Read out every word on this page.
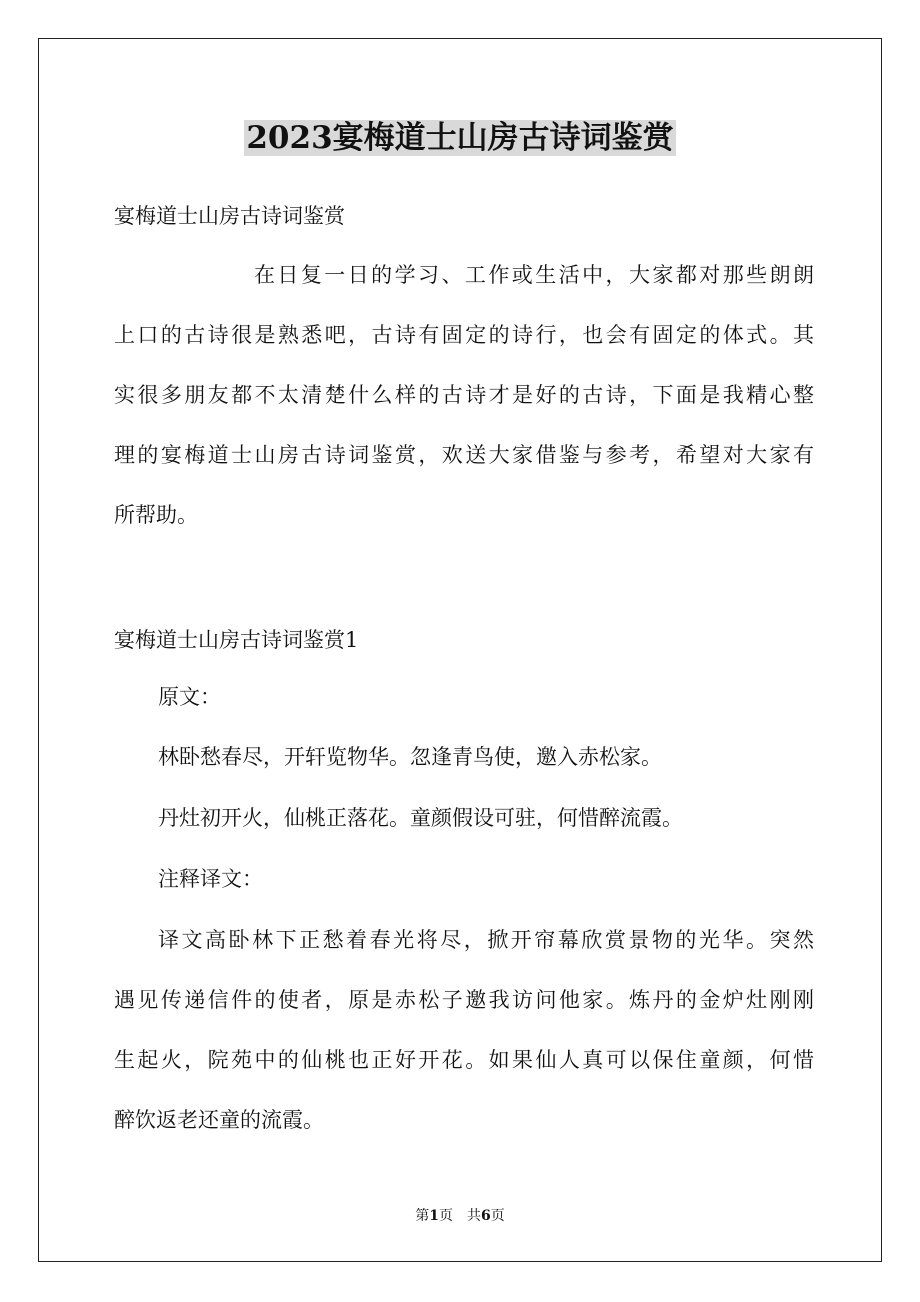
2023宴梅道士山房古诗词鉴赏
宴梅道士山房古诗词鉴赏
在日复一日的学习、工作或生活中，大家都对那些朗朗
上口的古诗很是熟悉吧，古诗有固定的诗行，也会有固定的体式。其
实很多朋友都不太清楚什么样的古诗才是好的古诗，下面是我精心整
理的宴梅道士山房古诗词鉴赏，欢送大家借鉴与参考，希望对大家有
所帮助。
宴梅道士山房古诗词鉴赏1
原文：
林卧愁春尽，开轩览物华。忽逢青鸟使，邀入赤松家。
丹灶初开火，仙桃正落花。童颜假设可驻，何惜醉流霞。
注释译文：
译文高卧林下正愁着春光将尽，掀开帘幕欣赏景物的光华。突然
遇见传递信件的使者，原是赤松子邀我访问他家。炼丹的金炉灶刚刚
生起火，院苑中的仙桃也正好开花。如果仙人真可以保住童颜，何惜
醉饮返老还童的流霞。
第1页　共6页
